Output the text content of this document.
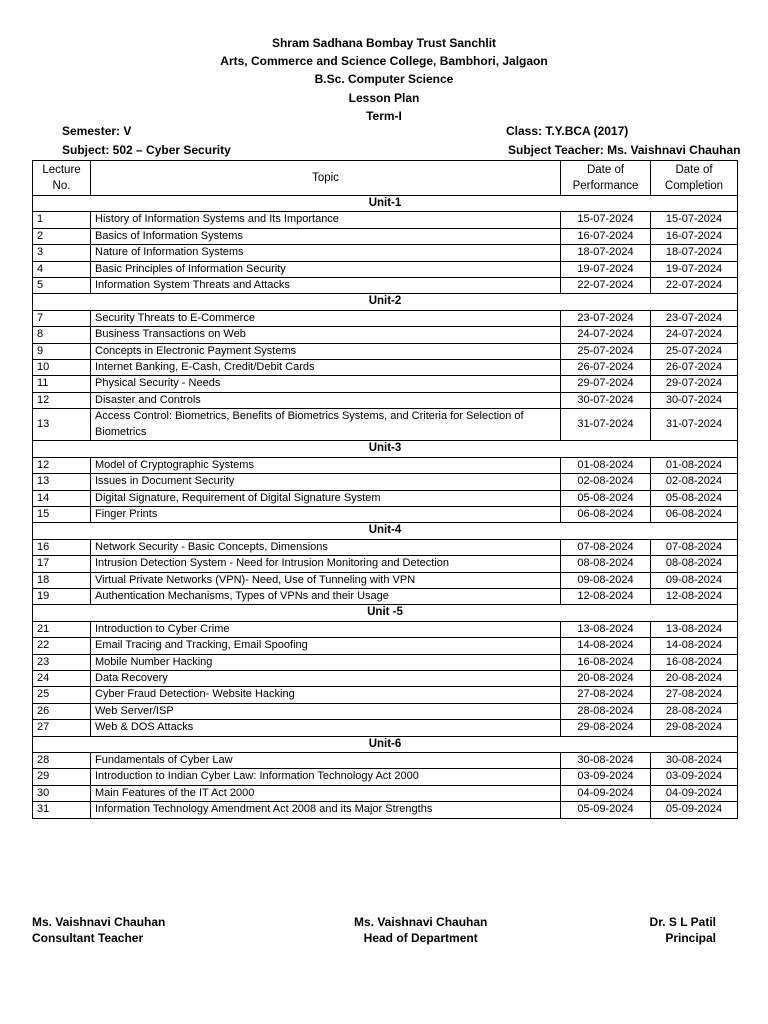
Shram Sadhana Bombay Trust Sanchlit
Arts, Commerce and Science College, Bambhori, Jalgaon
B.Sc. Computer Science
Lesson Plan
Term-I
Semester: V	Class: T.Y.BCA (2017)
Subject: 502 – Cyber Security	Subject Teacher: Ms. Vaishnavi Chauhan
Lecture No.	Topic	Date of Performance	Date of Completion
Unit-1			
1	History of Information Systems and Its Importance	15-07-2024	15-07-2024
2	Basics of Information Systems	16-07-2024	16-07-2024
3	Nature of Information Systems	18-07-2024	18-07-2024
4	Basic Principles of Information Security	19-07-2024	19-07-2024
5	Information System Threats and Attacks	22-07-2024	22-07-2024
Unit-2			
7	Security Threats to E-Commerce	23-07-2024	23-07-2024
8	Business Transactions on Web	24-07-2024	24-07-2024
9	Concepts in Electronic Payment Systems	25-07-2024	25-07-2024
10	Internet Banking, E-Cash, Credit/Debit Cards	26-07-2024	26-07-2024
11	Physical Security - Needs	29-07-2024	29-07-2024
12	Disaster and Controls	30-07-2024	30-07-2024
13	Access Control: Biometrics, Benefits of Biometrics Systems, and Criteria for Selection of Biometrics	31-07-2024	31-07-2024
Unit-3			
12	Model of Cryptographic Systems	01-08-2024	01-08-2024
13	Issues in Document Security	02-08-2024	02-08-2024
14	Digital Signature, Requirement of Digital Signature System	05-08-2024	05-08-2024
15	Finger Prints	06-08-2024	06-08-2024
Unit-4			
16	Network Security - Basic Concepts, Dimensions	07-08-2024	07-08-2024
17	Intrusion Detection System - Need for Intrusion Monitoring and Detection	08-08-2024	08-08-2024
18	Virtual Private Networks (VPN)- Need, Use of Tunneling with VPN	09-08-2024	09-08-2024
19	Authentication Mechanisms, Types of VPNs and their Usage	12-08-2024	12-08-2024
Unit -5			
21	Introduction to Cyber Crime	13-08-2024	13-08-2024
22	Email Tracing and Tracking, Email Spoofing	14-08-2024	14-08-2024
23	Mobile Number Hacking	16-08-2024	16-08-2024
24	Data Recovery	20-08-2024	20-08-2024
25	Cyber Fraud Detection- Website Hacking	27-08-2024	27-08-2024
26	Web Server/ISP	28-08-2024	28-08-2024
27	Web & DOS Attacks	29-08-2024	29-08-2024
Unit-6			
28	Fundamentals of Cyber Law	30-08-2024	30-08-2024
29	Introduction to Indian Cyber Law: Information Technology Act 2000	03-09-2024	03-09-2024
30	Main Features of the IT Act 2000	04-09-2024	04-09-2024
31	Information Technology Amendment Act 2008 and its Major Strengths	05-09-2024	05-09-2024
Ms. Vaishnavi Chauhan
Consultant Teacher
Ms. Vaishnavi Chauhan
Head of Department
Dr. S L Patil
Principal
